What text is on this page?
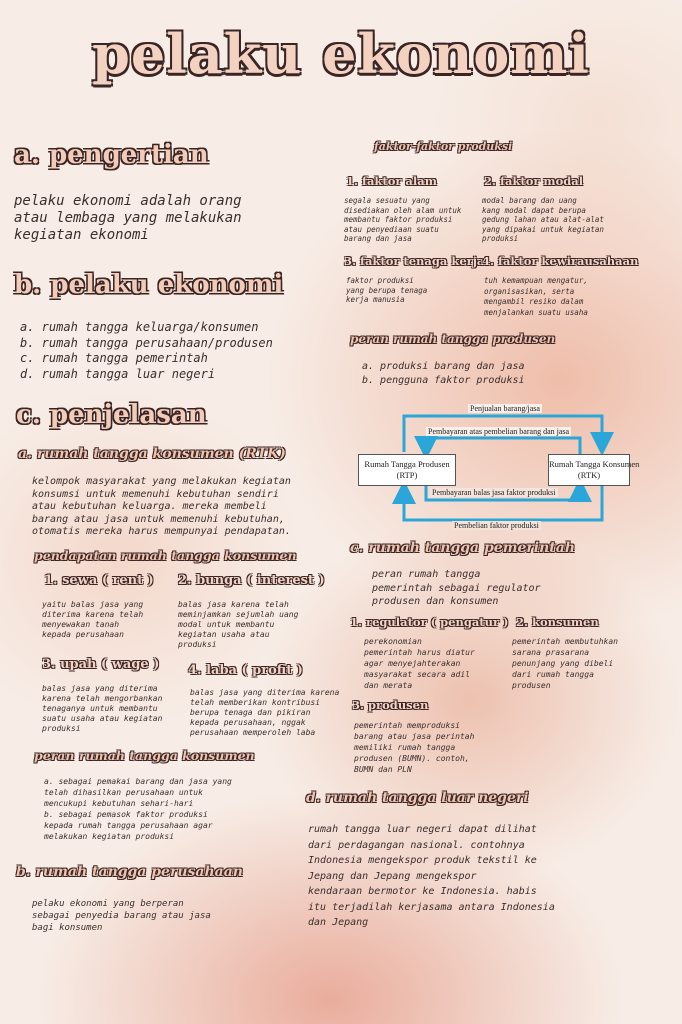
pelaku ekonomi
a. pengertian
pelaku ekonomi adalah orang
atau lembaga yang melakukan
kegiatan ekonomi
b. pelaku ekonomi
a. rumah tangga keluarga/konsumen
b. rumah tangga perusahaan/produsen
c. rumah tangga pemerintah
d. rumah tangga luar negeri
c. penjelasan
a. rumah tangga konsumen (RTK)
kelompok masyarakat yang melakukan kegiatan
konsumsi untuk memenuhi kebutuhan sendiri
atau kebutuhan keluarga. mereka membeli
barang atau jasa untuk memenuhi kebutuhan,
otomatis mereka harus mempunyai pendapatan.
pendapatan rumah tangga konsumen
1. sewa ( rent )
yaitu balas jasa yang
diterima karena telah
menyewakan tanah
kepada perusahaan
2. bunga ( interest )
balas jasa karena telah
meminjamkan sejumlah uang
modal untuk membantu
kegiatan usaha atau
produksi
3. upah ( wage )
balas jasa yang diterima
karena telah mengorbankan
tenaganya untuk membantu
suatu usaha atau kegiatan
produksi
4. laba ( profit )
balas jasa yang diterima karena
telah memberikan kontribusi
berupa tenaga dan pikiran
kepada perusahaan, nggak
perusahaan memperoleh laba
peran rumah tangga konsumen
a. sebagai pemakai barang dan jasa yang
telah dihasilkan perusahaan untuk
mencukupi kebutuhan sehari-hari
b. sebagai pemasok faktor produksi
kepada rumah tangga perusahaan agar
melakukan kegiatan produksi
b. rumah tangga perusahaan
pelaku ekonomi yang berperan
sebagai penyedia barang atau jasa
bagi konsumen
faktor-faktor produksi
1. faktor alam
segala sesuatu yang
disediakan oleh alam untuk
membantu faktor produksi
atau penyediaan suatu
barang dan jasa
2. faktor modal
modal barang dan uang
kang modal dapat berupa
gedung lahan atau alat-alat
yang dipakai untuk kegiatan
produksi
3. faktor tenaga kerja
faktor produksi
yang berupa tenaga
kerja manusia
4. faktor kewirausahaan
tuh kemampuan mengatur,
organisasikan, serta
mengambil resiko dalam
menjalankan suatu usaha
peran rumah tangga produsen
a. produksi barang dan jasa
b. pengguna faktor produksi
Penjualan barang/jasa
Pembayaran atas pembelian barang dan jasa
Rumah Tangga Produsen
(RTP)
Rumah Tangga Konsumen
(RTK)
Pembayaran balas jasa faktor produksi
Pembelian faktor produksi
c. rumah tangga pemerintah
peran rumah tangga
pemerintah sebagai regulator
produsen dan konsumen
1. regulator ( pengatur )
perekonomian
pemerintah harus diatur
agar menyejahterakan
masyarakat secara adil
dan merata
2. konsumen
pemerintah membutuhkan
sarana prasarana
penunjang yang dibeli
dari rumah tangga
produsen
3. produsen
pemerintah memproduksi
barang atau jasa perintah
memiliki rumah tangga
produsen (BUMN). contoh,
BUMN dan PLN
d. rumah tangga luar negeri
rumah tangga luar negeri dapat dilihat
dari perdagangan nasional. contohnya
Indonesia mengekspor produk tekstil ke
Jepang dan Jepang mengekspor
kendaraan bermotor ke Indonesia. habis
itu terjadilah kerjasama antara Indonesia
dan Jepang
